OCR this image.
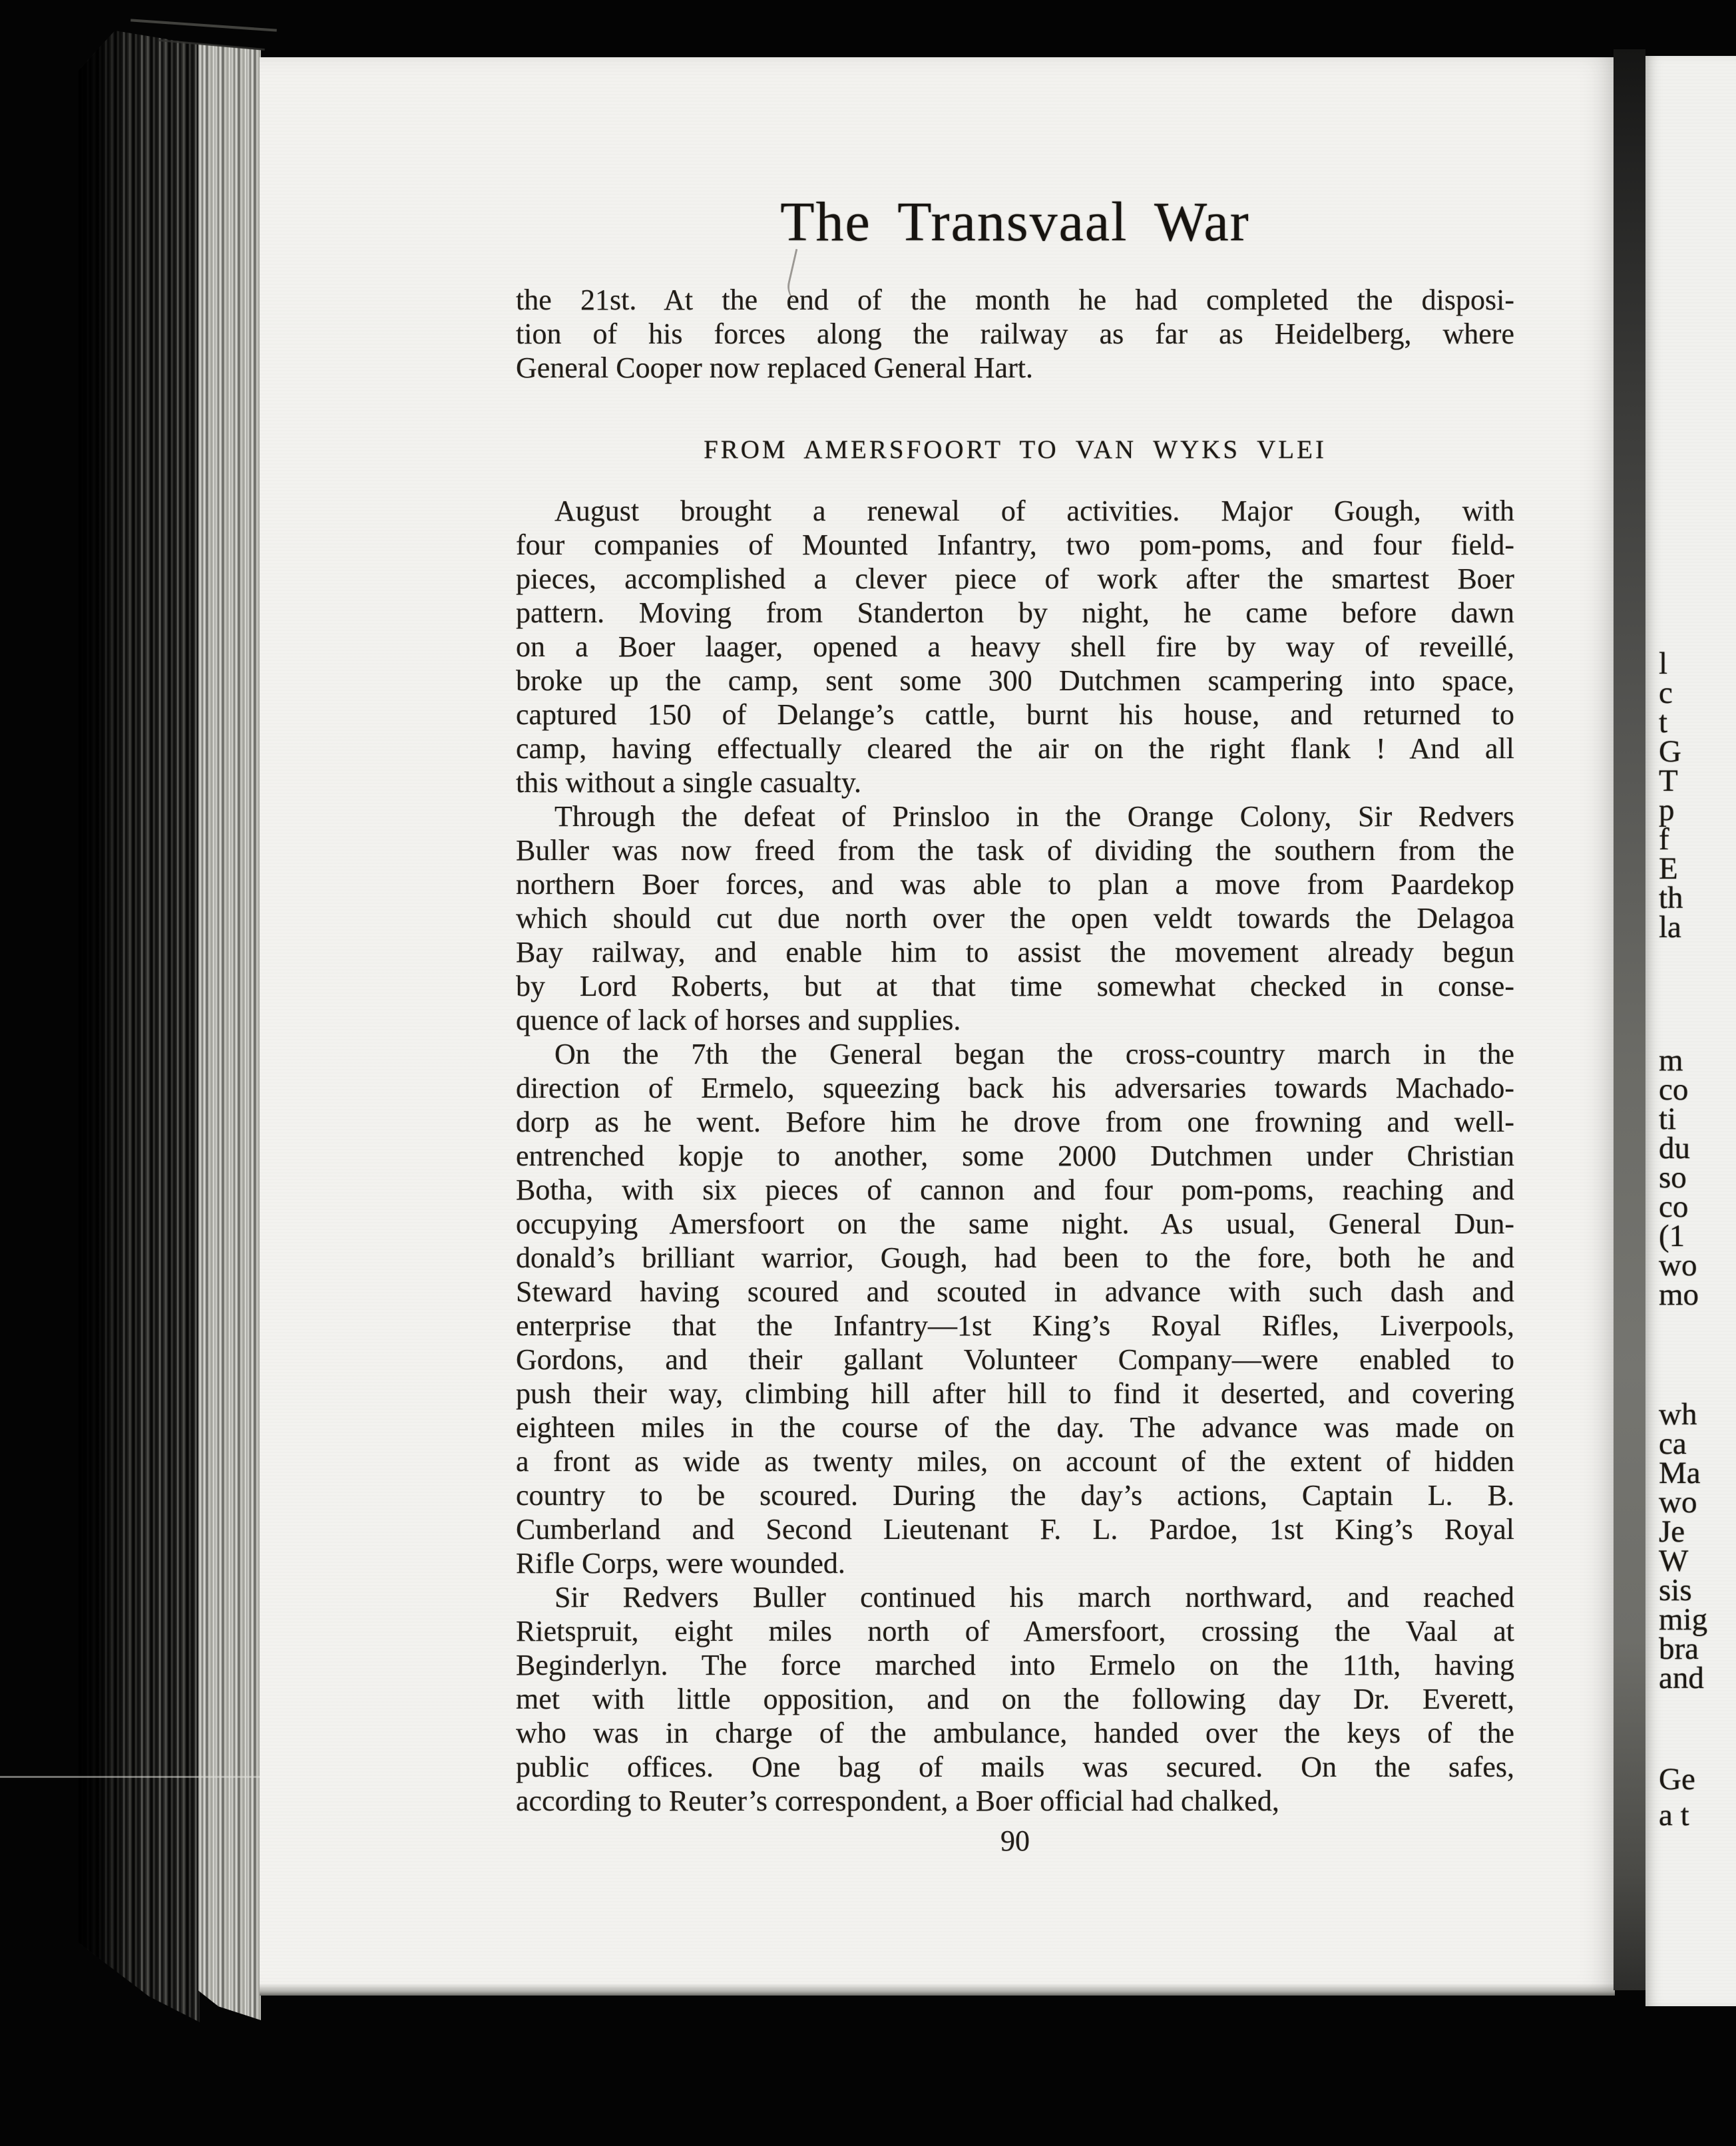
The Transvaal War
the 21st. At the end of the month he had completed the disposi-
tion of his forces along the railway as far as Heidelberg, where
General Cooper now replaced General Hart.
FROM AMERSFOORT TO VAN WYKS VLEI
August brought a renewal of activities. Major Gough, with
four companies of Mounted Infantry, two pom-poms, and four field-
pieces, accomplished a clever piece of work after the smartest Boer
pattern. Moving from Standerton by night, he came before dawn
on a Boer laager, opened a heavy shell fire by way of reveillé,
broke up the camp, sent some 300 Dutchmen scampering into space,
captured 150 of Delange’s cattle, burnt his house, and returned to
camp, having effectually cleared the air on the right flank ! And all
this without a single casualty.
Through the defeat of Prinsloo in the Orange Colony, Sir Redvers
Buller was now freed from the task of dividing the southern from the
northern Boer forces, and was able to plan a move from Paardekop
which should cut due north over the open veldt towards the Delagoa
Bay railway, and enable him to assist the movement already begun
by Lord Roberts, but at that time somewhat checked in conse-
quence of lack of horses and supplies.
On the 7th the General began the cross-country march in the
direction of Ermelo, squeezing back his adversaries towards Machado-
dorp as he went. Before him he drove from one frowning and well-
entrenched kopje to another, some 2000 Dutchmen under Christian
Botha, with six pieces of cannon and four pom-poms, reaching and
occupying Amersfoort on the same night. As usual, General Dun-
donald’s brilliant warrior, Gough, had been to the fore, both he and
Steward having scoured and scouted in advance with such dash and
enterprise that the Infantry—1st King’s Royal Rifles, Liverpools,
Gordons, and their gallant Volunteer Company—were enabled to
push their way, climbing hill after hill to find it deserted, and covering
eighteen miles in the course of the day. The advance was made on
a front as wide as twenty miles, on account of the extent of hidden
country to be scoured. During the day’s actions, Captain L. B.
Cumberland and Second Lieutenant F. L. Pardoe, 1st King’s Royal
Rifle Corps, were wounded.
Sir Redvers Buller continued his march northward, and reached
Rietspruit, eight miles north of Amersfoort, crossing the Vaal at
Beginderlyn. The force marched into Ermelo on the 11th, having
met with little opposition, and on the following day Dr. Everett,
who was in charge of the ambulance, handed over the keys of the
public offices. One bag of mails was secured. On the safes,
according to Reuter’s correspondent, a Boer official had chalked,
90
l
c
t
G
T
p
f
E
th
la
m
co
ti
du
so
co
(1
wo
mo
wh
ca
Ma
wo
Je
W
sis
mig
bra
and
Ge
a t
